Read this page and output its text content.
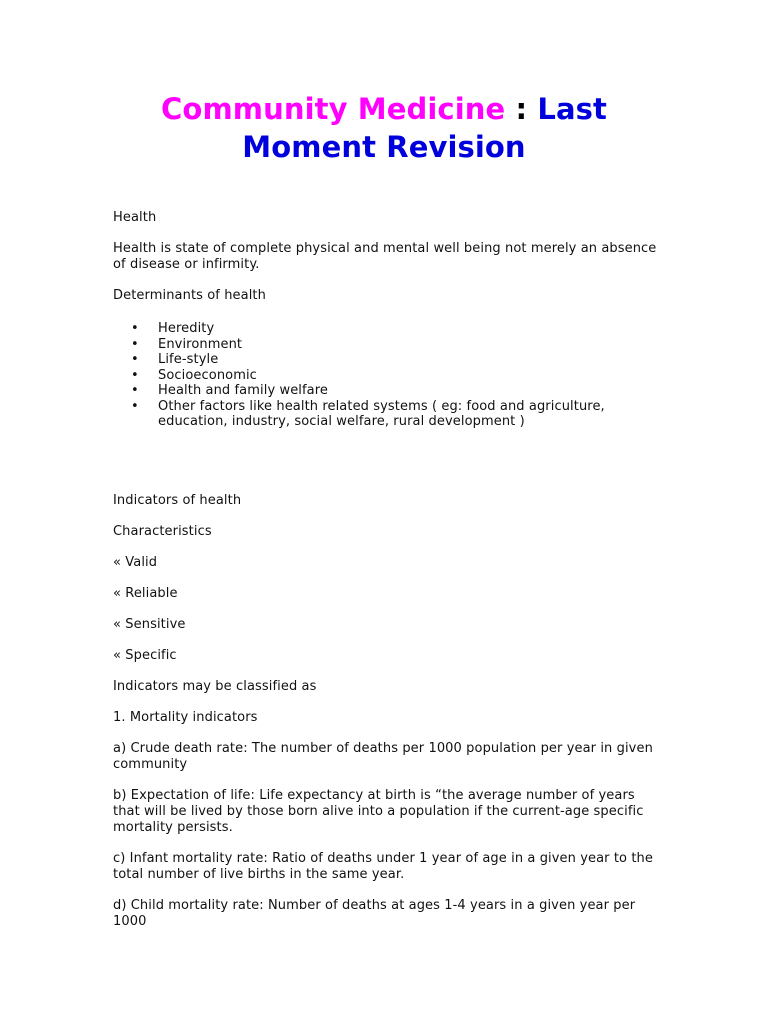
Community Medicine : Last
Moment Revision

Health

Health is state of complete physical and mental well being not merely an absence of disease or infirmity.

Determinants of health

• Heredity
• Environment
• Life-style
• Socioeconomic
• Health and family welfare
• Other factors like health related systems ( eg: food and agriculture, education, industry, social welfare, rural development )

Indicators of health

Characteristics

« Valid

« Reliable

« Sensitive

« Specific

Indicators may be classified as

1. Mortality indicators

a) Crude death rate: The number of deaths per 1000 population per year in given community

b) Expectation of life: Life expectancy at birth is “the average number of years that will be lived by those born alive into a population if the current-age specific mortality persists.

c) Infant mortality rate: Ratio of deaths under 1 year of age in a given year to the total number of live births in the same year.

d) Child mortality rate: Number of deaths at ages 1-4 years in a given year per 1000
